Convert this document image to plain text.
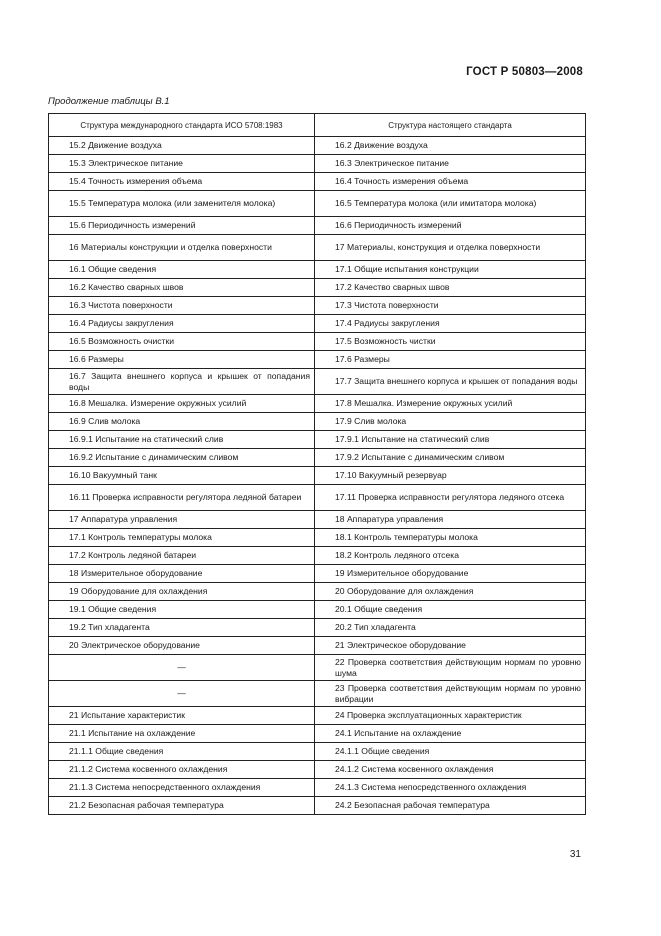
ГОСТ Р 50803—2008
Продолжение таблицы В.1
Структура международного стандарта ИСО 5708:1983	Структура настоящего стандарта
15.2 Движение воздуха	16.2 Движение воздуха
15.3 Электрическое питание	16.3 Электрическое питание
15.4 Точность измерения объема	16.4 Точность измерения объема
15.5 Температура молока (или заменителя молока)	16.5 Температура молока (или имитатора молока)
15.6 Периодичность измерений	16.6 Периодичность измерений
16 Материалы конструкции и отделка поверхности	17 Материалы, конструкция и отделка поверхности
16.1 Общие сведения	17.1 Общие испытания конструкции
16.2 Качество сварных швов	17.2 Качество сварных швов
16.3 Чистота поверхности	17.3 Чистота поверхности
16.4 Радиусы закругления	17.4 Радиусы закругления
16.5 Возможность очистки	17.5 Возможность чистки
16.6 Размеры	17.6 Размеры
16.7 Защита внешнего корпуса и крышек от попадания воды	17.7 Защита внешнего корпуса и крышек от попадания воды
16.8 Мешалка. Измерение окружных усилий	17.8 Мешалка. Измерение окружных усилий
16.9 Слив молока	17.9 Слив молока
16.9.1 Испытание на статический слив	17.9.1 Испытание на статический слив
16.9.2 Испытание с динамическим сливом	17.9.2 Испытание с динамическим сливом
16.10 Вакуумный танк	17.10 Вакуумный резервуар
16.11 Проверка исправности регулятора ледяной батареи	17.11 Проверка исправности регулятора ледяного отсека
17 Аппаратура управления	18 Аппаратура управления
17.1 Контроль температуры молока	18.1 Контроль температуры молока
17.2 Контроль ледяной батареи	18.2 Контроль ледяного отсека
18 Измерительное оборудование	19 Измерительное оборудование
19 Оборудование для охлаждения	20 Оборудование для охлаждения
19.1 Общие сведения	20.1 Общие сведения
19.2 Тип хладагента	20.2 Тип хладагента
20 Электрическое оборудование	21 Электрическое оборудование
—	22 Проверка соответствия действующим нормам по уровню шума
—	23 Проверка соответствия действующим нормам по уровню вибрации
21 Испытание характеристик	24 Проверка эксплуатационных характеристик
21.1 Испытание на охлаждение	24.1 Испытание на охлаждение
21.1.1 Общие сведения	24.1.1 Общие сведения
21.1.2 Система косвенного охлаждения	24.1.2 Система косвенного охлаждения
21.1.3 Система непосредственного охлаждения	24.1.3 Система непосредственного охлаждения
21.2 Безопасная рабочая температура	24.2 Безопасная рабочая температура
31
